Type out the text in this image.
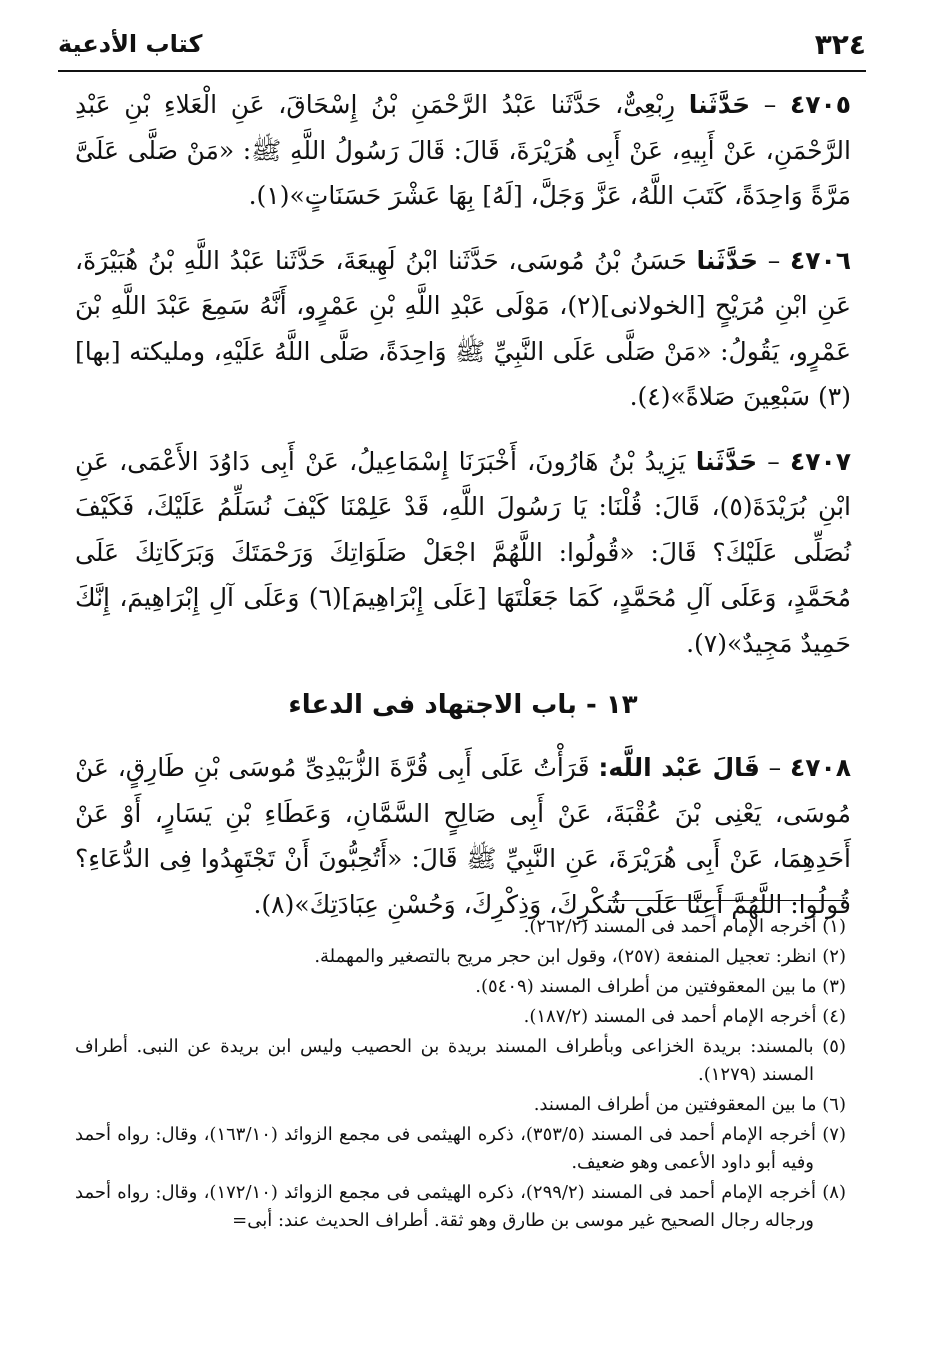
٣٢٤
كتاب الأدعية

٤٧٠٥ – حَدَّثَنا رِبْعِىٌّ، حَدَّثَنا عَبْدُ الرَّحْمَنِ بْنُ إِسْحَاقَ، عَنِ الْعَلاءِ بْنِ عَبْدِ الرَّحْمَنِ، عَنْ أَبِيهِ، عَنْ أَبِى هُرَيْرَةَ، قَالَ: قَالَ رَسُولُ اللَّهِ ﷺ: «مَنْ صَلَّى عَلَىَّ مَرَّةً وَاحِدَةً، كَتَبَ اللَّهُ، عَزَّ وَجَلَّ، [لَهُ] بِهَا عَشْرَ حَسَنَاتٍ»(١).

٤٧٠٦ – حَدَّثَنا حَسَنُ بْنُ مُوسَى، حَدَّثَنا ابْنُ لَهِيعَةَ، حَدَّثَنا عَبْدُ اللَّهِ بْنُ هُبَيْرَةَ، عَنِ ابْنِ مُرَيْحٍ [الخولانى](٢)، مَوْلَى عَبْدِ اللَّهِ بْنِ عَمْرٍو، أَنَّهُ سَمِعَ عَبْدَ اللَّهِ بْنَ عَمْرٍو، يَقُولُ: «مَنْ صَلَّى عَلَى النَّبِيِّ ﷺ وَاحِدَةً، صَلَّى اللَّهُ عَلَيْهِ، ومليكته [بها](٣) سَبْعِينَ صَلاةً»(٤).

٤٧٠٧ – حَدَّثَنا يَزِيدُ بْنُ هَارُونَ، أَخْبَرَنَا إِسْمَاعِيلُ، عَنْ أَبِى دَاوُدَ الأَعْمَى، عَنِ ابْنِ بُرَيْدَةَ(٥)، قَالَ: قُلْنَا: يَا رَسُولَ اللَّهِ، قَدْ عَلِمْنَا كَيْفَ نُسَلِّمُ عَلَيْكَ، فَكَيْفَ نُصَلِّى عَلَيْكَ؟ قَالَ: «قُولُوا: اللَّهُمَّ اجْعَلْ صَلَوَاتِكَ وَرَحْمَتَكَ وَبَرَكَاتِكَ عَلَى مُحَمَّدٍ، وَعَلَى آلِ مُحَمَّدٍ، كَمَا جَعَلْتَهَا [عَلَى إِبْرَاهِيمَ](٦) وَعَلَى آلِ إِبْرَاهِيمَ، إِنَّكَ حَمِيدٌ مَجِيدٌ»(٧).

١٣ - باب الاجتهاد فى الدعاء

٤٧٠٨ – قَالَ عَبْد اللَّه: قَرَأْتُ عَلَى أَبِى قُرَّةَ الزُّبَيْدِىِّ مُوسَى بْنِ طَارِقٍ، عَنْ مُوسَى، يَعْنِى بْنَ عُقْبَةَ، عَنْ أَبِى صَالِحٍ السَّمَّانِ، وَعَطَاءِ بْنِ يَسَارٍ، أَوْ عَنْ أَحَدِهِمَا، عَنْ أَبِى هُرَيْرَةَ، عَنِ النَّبِيِّ ﷺ قَالَ: «أَتُحِبُّونَ أَنْ تَجْتَهِدُوا فِى الدُّعَاءِ؟ قُولُوا: اللَّهُمَّ أَعِنَّا عَلَى شُكْرِكَ، وَذِكْرِكَ، وَحُسْنِ عِبَادَتِكَ»(٨).

(١) أخرجه الإمام أحمد فى المسند (٢٦٢/٢).

(٢) انظر: تعجيل المنفعة (٢٥٧)، وقول ابن حجر مريح بالتصغير والمهملة.

(٣) ما بين المعقوفتين من أطراف المسند (٥٤٠٩).

(٤) أخرجه الإمام أحمد فى المسند (١٨٧/٢).

(٥) بالمسند: بريدة الخزاعى وبأطراف المسند بريدة بن الحصيب وليس ابن بريدة عن النبى. أطراف المسند (١٢٧٩).

(٦) ما بين المعقوفتين من أطراف المسند.

(٧) أخرجه الإمام أحمد فى المسند (٣٥٣/٥)، ذكره الهيثمى فى مجمع الزوائد (١٦٣/١٠)، وقال: رواه أحمد وفيه أبو داود الأعمى وهو ضعيف.

(٨) أخرجه الإمام أحمد فى المسند (٢٩٩/٢)، ذكره الهيثمى فى مجمع الزوائد (١٧٢/١٠)، وقال: رواه أحمد ورجاله رجال الصحيح غير موسى بن طارق وهو ثقة. أطراف الحديث عند: أبى=
